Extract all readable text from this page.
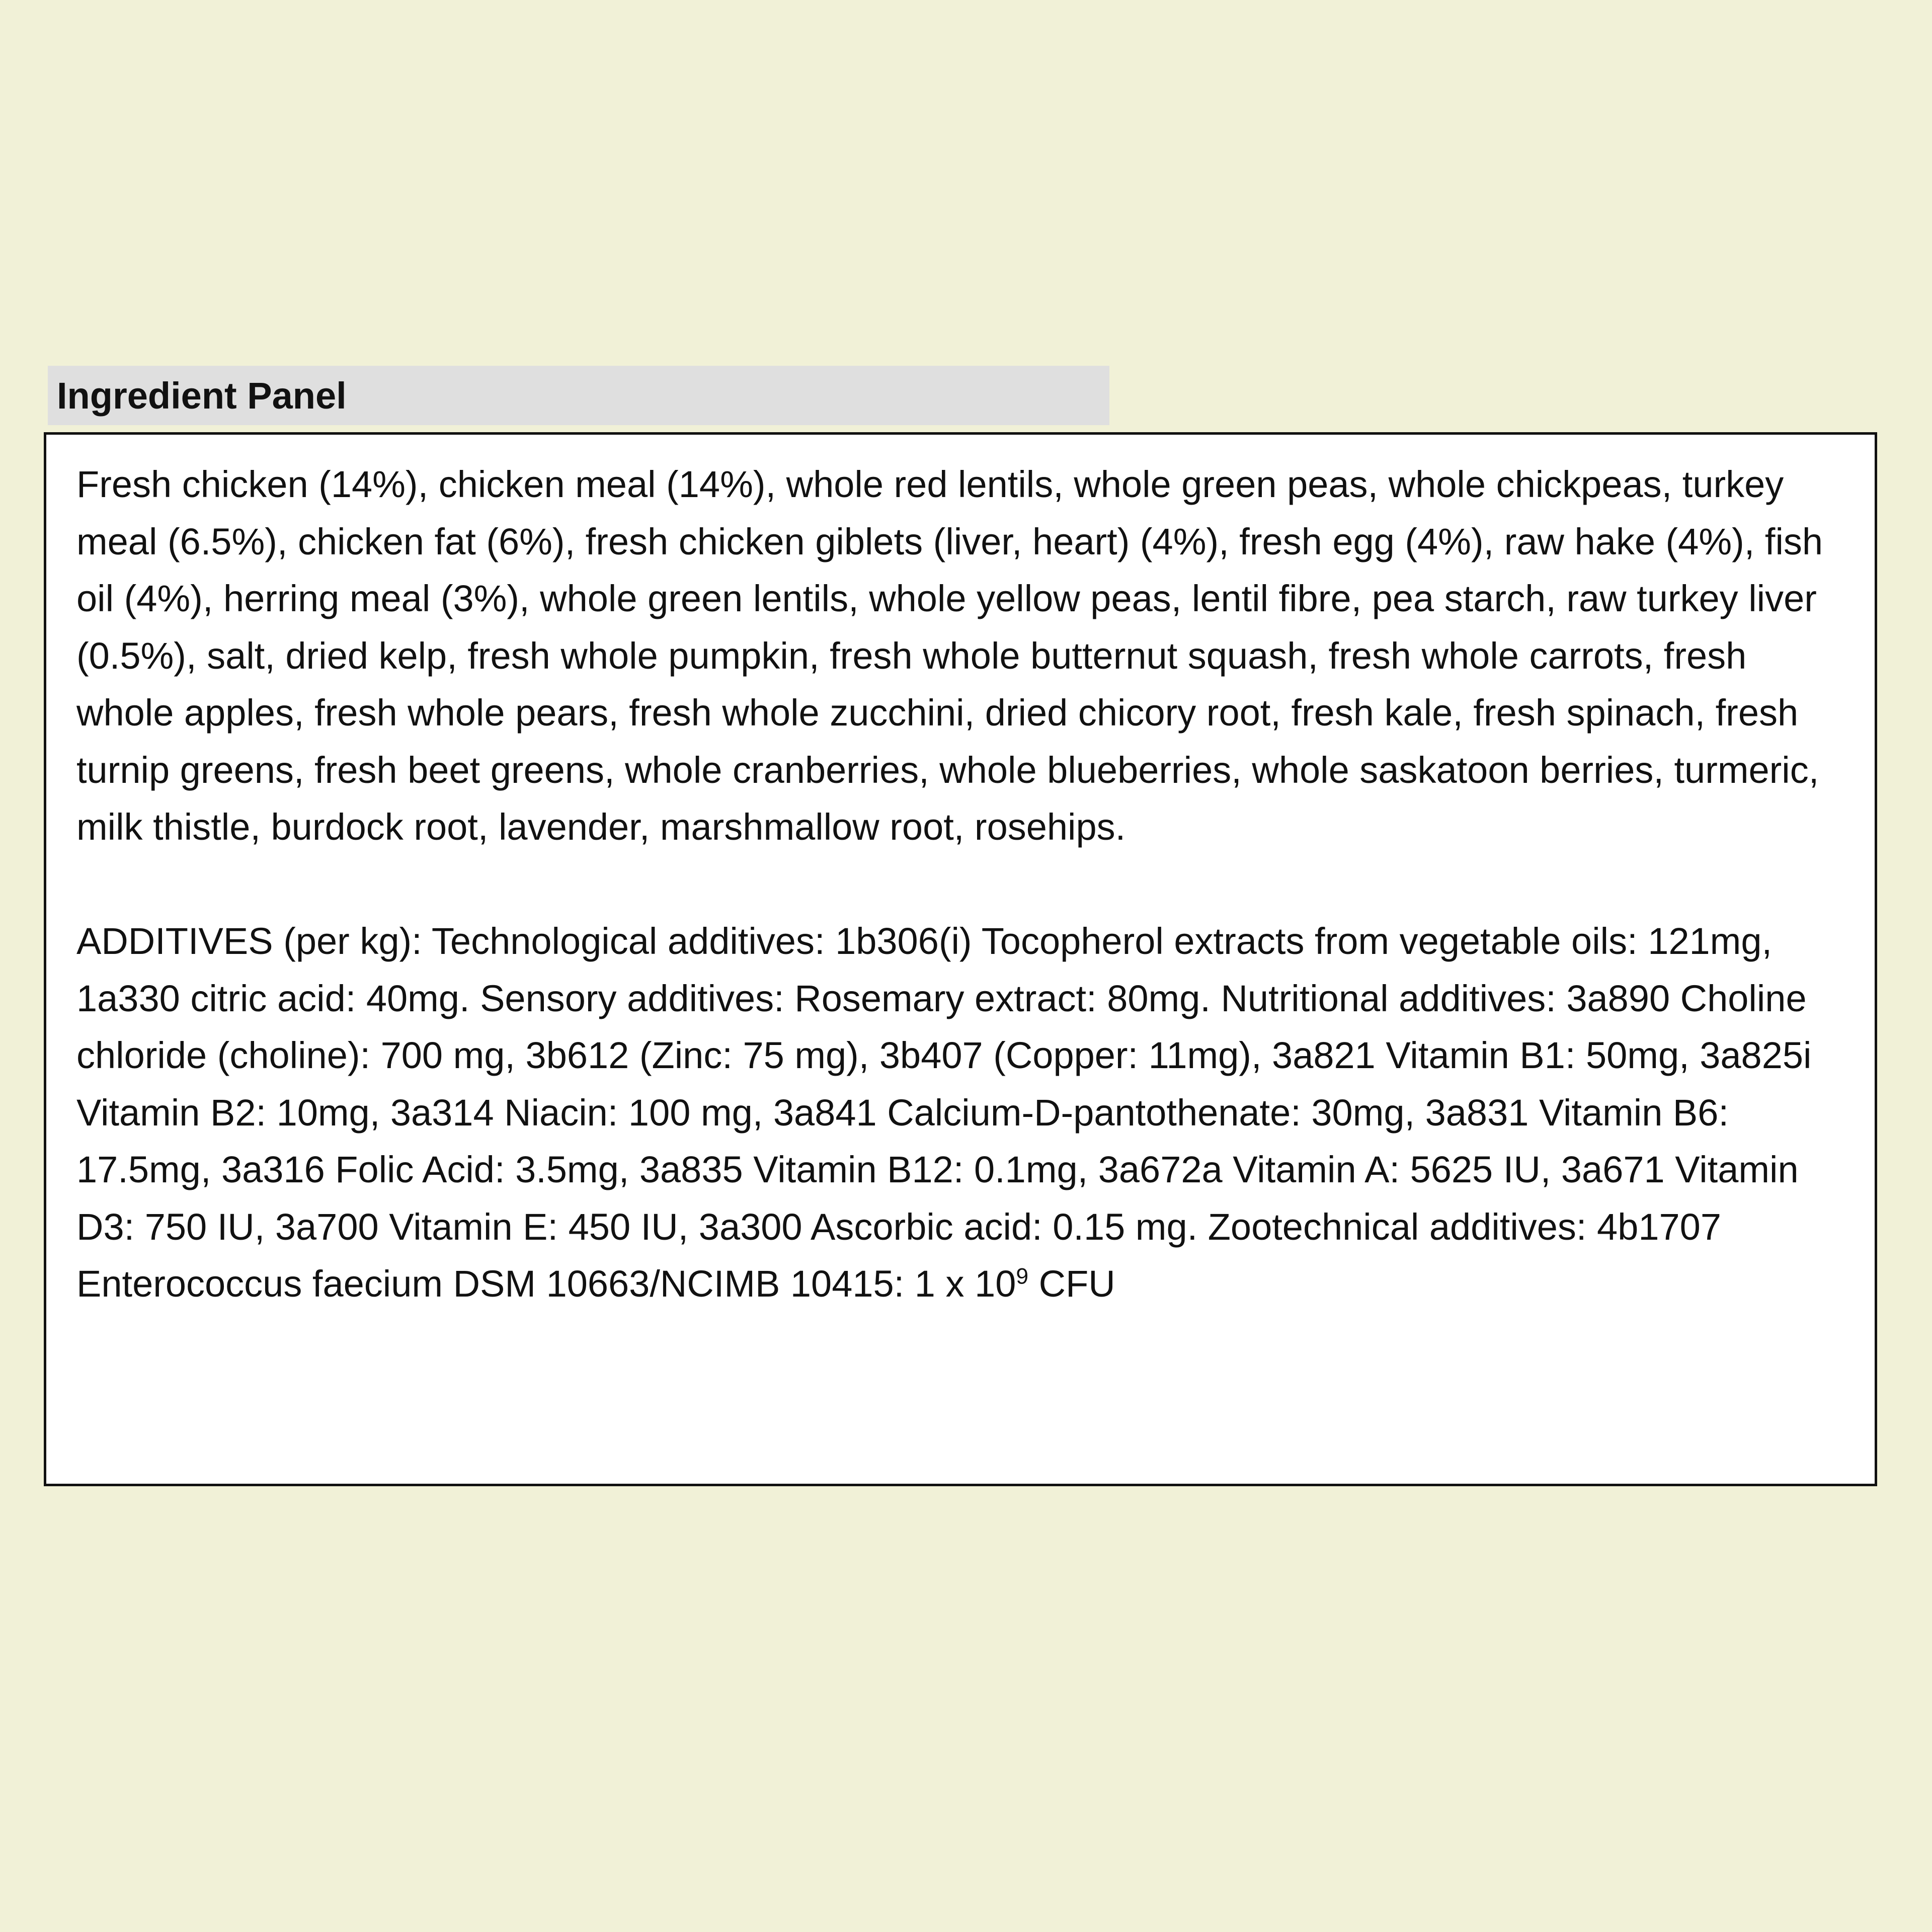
Ingredient Panel

Fresh chicken (14%), chicken meal (14%), whole red lentils, whole green peas, whole chickpeas, turkey meal (6.5%), chicken fat (6%), fresh chicken giblets (liver, heart) (4%), fresh egg (4%), raw hake (4%), fish oil (4%), herring meal (3%), whole green lentils, whole yellow peas, lentil fibre, pea starch, raw turkey liver (0.5%), salt, dried kelp, fresh whole pumpkin, fresh whole butternut squash, fresh whole carrots, fresh whole apples, fresh whole pears, fresh whole zucchini, dried chicory root, fresh kale, fresh spinach, fresh turnip greens, fresh beet greens, whole cranberries, whole blueberries, whole saskatoon berries, turmeric, milk thistle, burdock root, lavender, marshmallow root, rosehips.

ADDITIVES (per kg): Technological additives: 1b306(i) Tocopherol extracts from vegetable oils: 121mg, 1a330 citric acid: 40mg. Sensory additives: Rosemary extract: 80mg. Nutritional additives: 3a890 Choline chloride (choline): 700 mg, 3b612 (Zinc: 75 mg), 3b407 (Copper: 11mg), 3a821 Vitamin B1: 50mg, 3a825i Vitamin B2: 10mg, 3a314 Niacin: 100 mg, 3a841 Calcium-D-pantothenate: 30mg, 3a831 Vitamin B6: 17.5mg, 3a316 Folic Acid: 3.5mg, 3a835 Vitamin B12: 0.1mg, 3a672a Vitamin A: 5625 IU, 3a671 Vitamin D3: 750 IU, 3a700 Vitamin E: 450 IU, 3a300 Ascorbic acid: 0.15 mg. Zootechnical additives: 4b1707 Enterococcus faecium DSM 10663/NCIMB 10415: 1 x $10^9$ CFU
